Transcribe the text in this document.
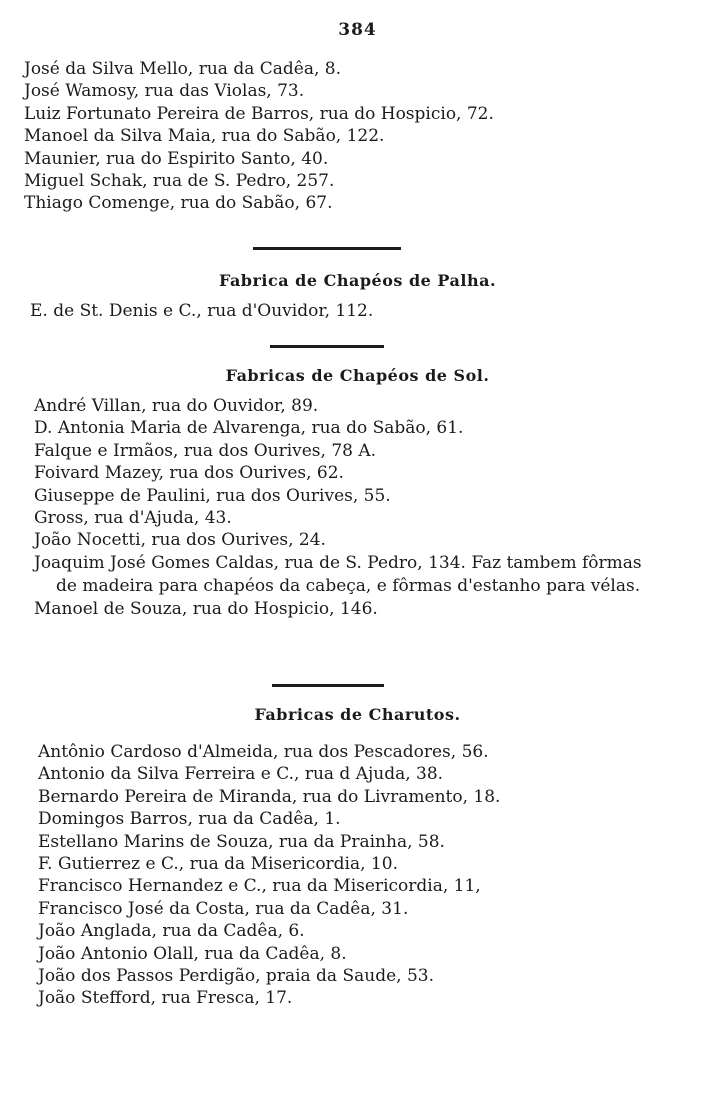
384
José da Silva Mello, rua da Cadêa, 8.
José Wamosy, rua das Violas, 73.
Luiz Fortunato Pereira de Barros, rua do Hospicio, 72.
Manoel da Silva Maia, rua do Sabão, 122.
Maunier, rua do Espirito Santo, 40.
Miguel Schak, rua de S. Pedro, 257.
Thiago Comenge, rua do Sabão, 67.
Fabrica de Chapéos de Palha.
E. de St. Denis e C., rua d'Ouvidor, 112.
Fabricas de Chapéos de Sol.
André Villan, rua do Ouvidor, 89.
D. Antonia Maria de Alvarenga, rua do Sabão, 61.
Falque e Irmãos, rua dos Ourives, 78 A.
Foivard Mazey, rua dos Ourives, 62.
Giuseppe de Paulini, rua dos Ourives, 55.
Gross, rua d'Ajuda, 43.
João Nocetti, rua dos Ourives, 24.
Joaquim José Gomes Caldas, rua de S. Pedro, 134. Faz tambem fôrmas de madeira para chapéos da cabeça, e fôrmas d'estanho para vélas.
Manoel de Souza, rua do Hospicio, 146.
Fabricas de Charutos.
Antônio Cardoso d'Almeida, rua dos Pescadores, 56.
Antonio da Silva Ferreira e C., rua d Ajuda, 38.
Bernardo Pereira de Miranda, rua do Livramento, 18.
Domingos Barros, rua da Cadêa, 1.
Estellano Marins de Souza, rua da Prainha, 58.
F. Gutierrez e C., rua da Misericordia, 10.
Francisco Hernandez e C., rua da Misericordia, 11,
Francisco José da Costa, rua da Cadêa, 31.
João Anglada, rua da Cadêa, 6.
João Antonio Olall, rua da Cadêa, 8.
João dos Passos Perdigão, praia da Saude, 53.
João Stefford, rua Fresca, 17.
